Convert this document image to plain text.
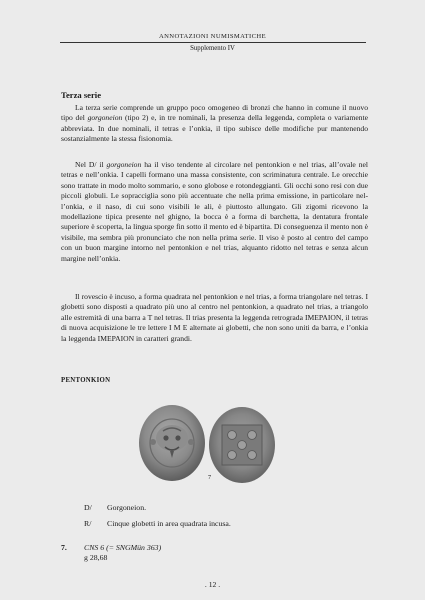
ANNOTAZIONI NUMISMATICHE
Supplemento IV
Terza serie

La terza serie comprende un gruppo poco omogeneo di bronzi che hanno in comune il nuovo tipo del gorgoneion (tipo 2) e, in tre nominali, la presenza della leggenda, completa o variamente abbreviata. In due nominali, il tetras e l’onkia, il tipo subisce delle modifiche pur mantenendo sostanzialmente la stessa fisionomia.

Nel D/ il gorgoneion ha il viso tendente al circolare nel pentonkion e nel trias, all’ovale nel tetras e nell’onkia. I capelli formano una massa consistente, con scriminatura centrale. Le orecchie sono trattate in modo molto sommario, e sono globose e rotondeggianti. Gli occhi sono resi con due piccoli globuli. Le sopracciglia sono più accentuate che nella prima emissione, in particolare nell’onkia, e il naso, di cui sono visibili le ali, è piuttosto allungato. Gli zigomi ricevono la modellazione tipica presente nel ghigno, la bocca è a forma di barchetta, la dentatura frontale superiore è scoperta, la lingua sporge fin sotto il mento ed è bipartita. Di conseguenza il mento non è visibile, ma sembra più pronunciato che non nella prima serie. Il viso è posto al centro del campo con un buon margine intorno nel pentonkion e nel trias, alquanto ridotto nel tetras e senza alcun margine nell’onkia.

Il rovescio è incuso, a forma quadrata nel pentonkion e nel trias, a forma triangolare nel tetras. I globetti sono disposti a quadrato più uno al centro nel pentonkion, a quadrato nel trias, a triangolo alle estremità di una barra a T nel tetras. Il trias presenta la leggenda retrograda IMEPAION, il tetras di nuova acquisizione le tre lettere I M E alternate ai globetti, che non sono uniti da barra, e l’onkia la leggenda IMEPAION in caratteri grandi.

PENTONKION
7
D/ Gorgoneion.
R/ Cinque globetti in area quadrata incusa.
7. CNS 6 (= SNGMün 363)
g 28,68
. 12 .
